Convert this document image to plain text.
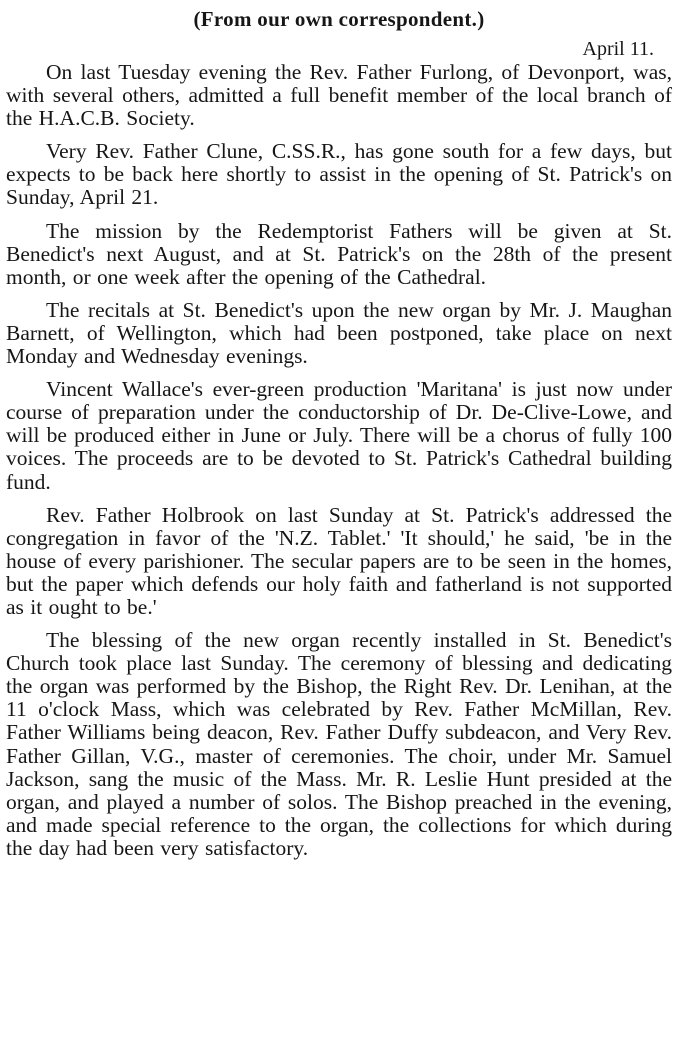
(From our own correspondent.)
April 11.

On last Tuesday evening the Rev. Father Furlong, of Devonport, was, with several others, admitted a full benefit member of the local branch of the H.A.C.B. Society.

Very Rev. Father Clune, C.SS.R., has gone south for a few days, but expects to be back here shortly to assist in the opening of St. Patrick's on Sunday, April 21.

The mission by the Redemptorist Fathers will be given at St. Benedict's next August, and at St. Patrick's on the 28th of the present month, or one week after the opening of the Cathedral.

The recitals at St. Benedict's upon the new organ by Mr. J. Maughan Barnett, of Wellington, which had been postponed, take place on next Monday and Wednesday evenings.

Vincent Wallace's ever-green production 'Maritana' is just now under course of preparation under the conductorship of Dr. De-Clive-Lowe, and will be produced either in June or July. There will be a chorus of fully 100 voices. The proceeds are to be devoted to St. Patrick's Cathedral building fund.

Rev. Father Holbrook on last Sunday at St. Patrick's addressed the congregation in favor of the 'N.Z. Tablet.' 'It should,' he said, 'be in the house of every parishioner. The secular papers are to be seen in the homes, but the paper which defends our holy faith and fatherland is not supported as it ought to be.'

The blessing of the new organ recently installed in St. Benedict's Church took place last Sunday. The ceremony of blessing and dedicating the organ was performed by the Bishop, the Right Rev. Dr. Lenihan, at the 11 o'clock Mass, which was celebrated by Rev. Father McMillan, Rev. Father Williams being deacon, Rev. Father Duffy subdeacon, and Very Rev. Father Gillan, V.G., master of ceremonies. The choir, under Mr. Samuel Jackson, sang the music of the Mass. Mr. R. Leslie Hunt presided at the organ, and played a number of solos. The Bishop preached in the evening, and made special reference to the organ, the collections for which during the day had been very satisfactory.
